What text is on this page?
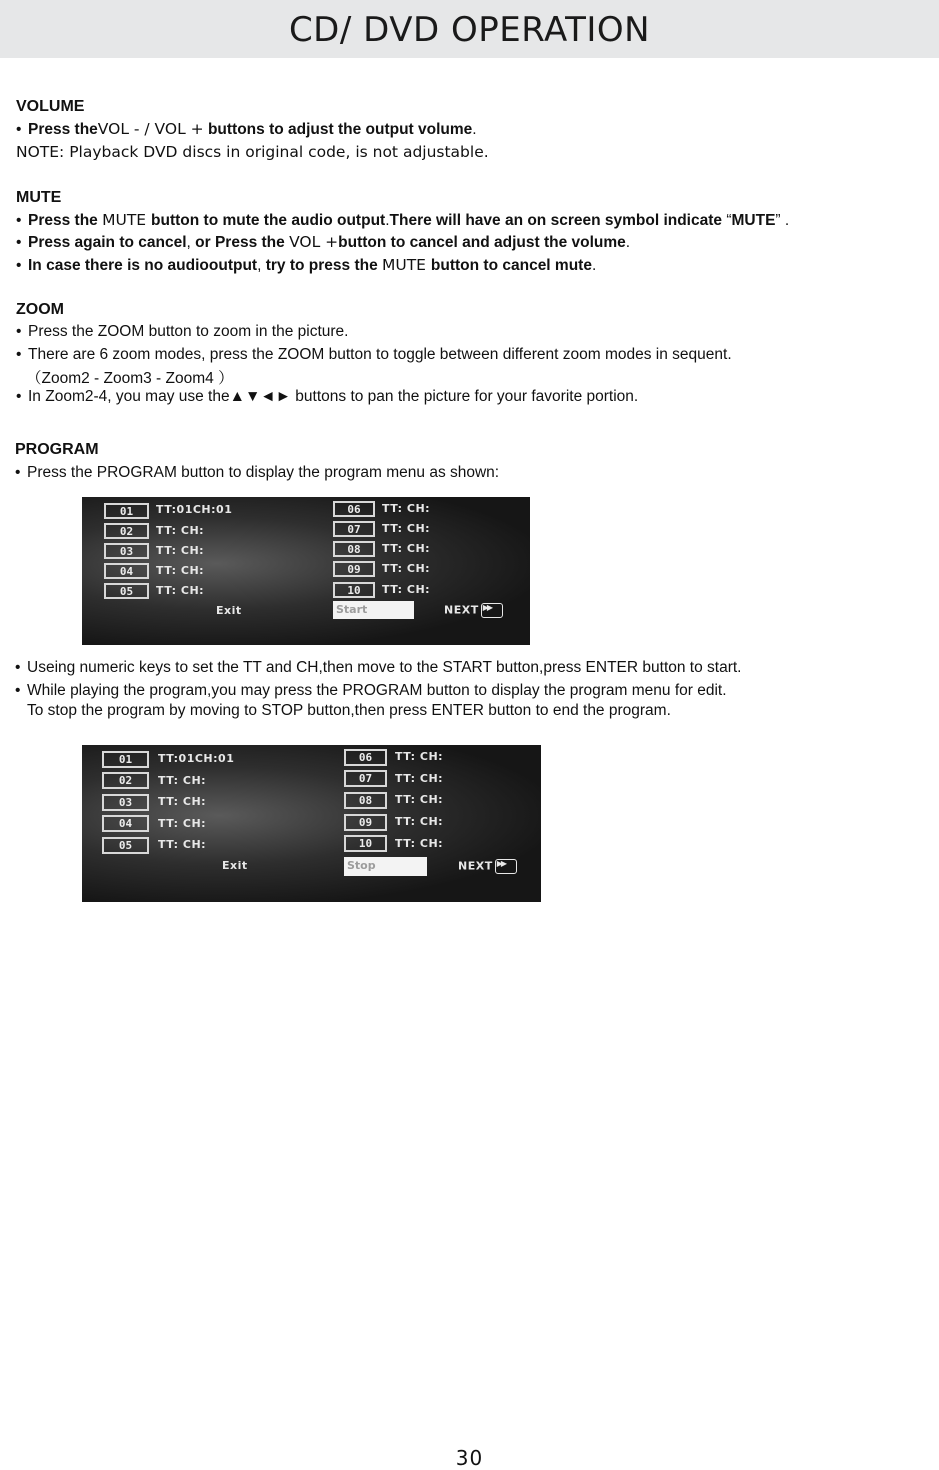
CD/ DVD OPERATION
VOLUME
• Press theVOL - / VOL + buttons to adjust the output volume.
NOTE: Playback DVD discs in original code, is not adjustable.
MUTE
• Press the MUTE button to mute the audio output.There will have an on screen symbol indicate “MUTE” .
• Press again to cancel, or Press the VOL +button to cancel and adjust the volume.
• In case there is no audiooutput, try to press the MUTE button to cancel mute.
ZOOM
• Press the ZOOM button to zoom in the picture.
• There are 6 zoom modes, press the ZOOM button to toggle between different zoom modes in sequent.
（Zoom2 - Zoom3 - Zoom4 ）
• In Zoom2-4, you may use the▲▼◄► buttons to pan the picture for your favorite portion.
PROGRAM
• Press the PROGRAM button to display the program menu as shown:
01	TT:01CH:01
02	TT: CH:
03	TT: CH:
04	TT: CH:
05	TT: CH:
06	TT: CH:
07	TT: CH:
08	TT: CH:
09	TT: CH:
10	TT: CH:
Exit	Start	NEXT▶▶
• Useing numeric keys to set the TT and CH,then move to the START button,press ENTER button to start.
• While playing the program,you may press the PROGRAM button to display the program menu for edit.
To stop the program by moving to STOP button,then press ENTER button to end the program.
01	TT:01CH:01
02	TT: CH:
03	TT: CH:
04	TT: CH:
05	TT: CH:
06	TT: CH:
07	TT: CH:
08	TT: CH:
09	TT: CH:
10	TT: CH:
Exit	Stop	NEXT▶▶
30
